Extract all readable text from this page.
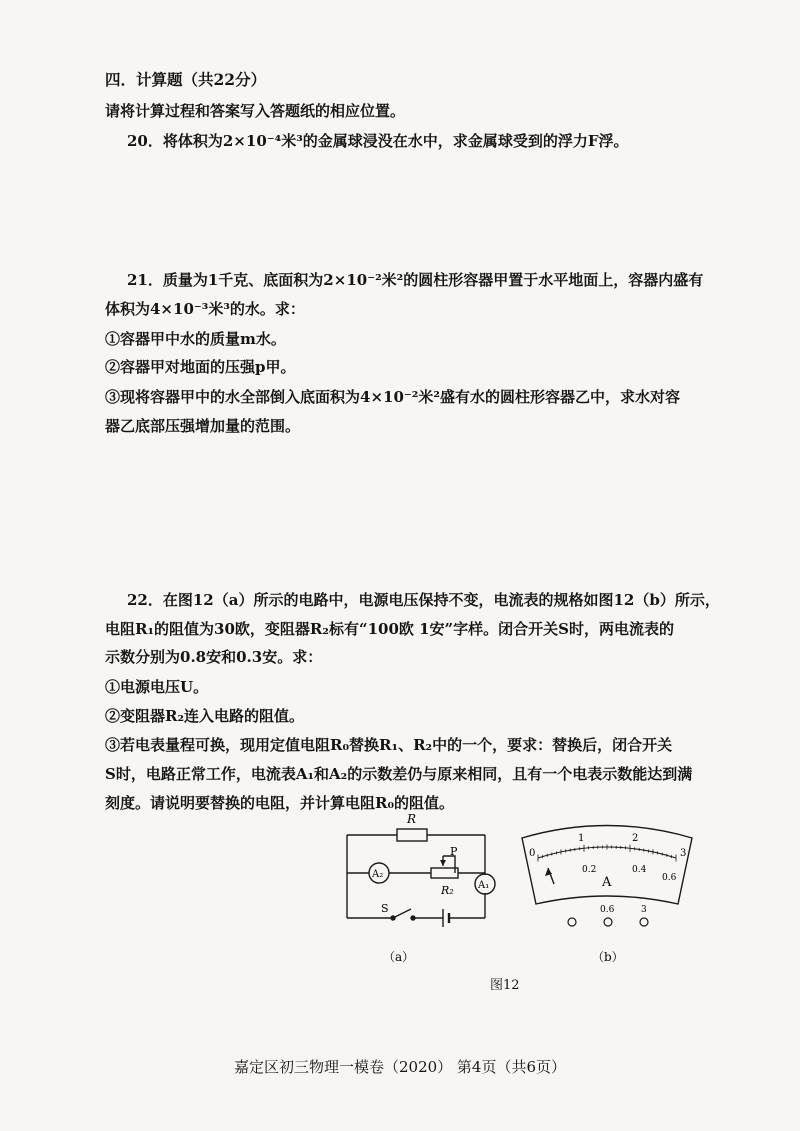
四．计算题（共22分）
请将计算过程和答案写入答题纸的相应位置。
20．将体积为2×10⁻⁴米³的金属球浸没在水中，求金属球受到的浮力F浮。
21．质量为1千克、底面积为2×10⁻²米²的圆柱形容器甲置于水平地面上，容器内盛有
体积为4×10⁻³米³的水。求：
①容器甲中水的质量m水。
②容器甲对地面的压强p甲。
③现将容器甲中的水全部倒入底面积为4×10⁻²米²盛有水的圆柱形容器乙中，求水对容
器乙底部压强增加量的范围。
22．在图12（a）所示的电路中，电源电压保持不变，电流表的规格如图12（b）所示，
电阻R₁的阻值为30欧，变阻器R₂标有“100欧 1安”字样。闭合开关S时，两电流表的
示数分别为0.8安和0.3安。求：
①电源电压U。
②变阻器R₂连入电路的阻值。
③若电表量程可换，现用定值电阻R₀替换R₁、R₂中的一个，要求：替换后，闭合开关
S时，电路正常工作，电流表A₁和A₂的示数差仍与原来相同，且有一个电表示数能达到满
刻度。请说明要替换的电阻，并计算电阻R₀的阻值。
R
A₂
A₁
P
R₂
S
（a）
0
1	2
3
0.2	0.4
0.6
A
0.6	3
（b）
图12
嘉定区初三物理一模卷（2020） 第4页（共6页）
